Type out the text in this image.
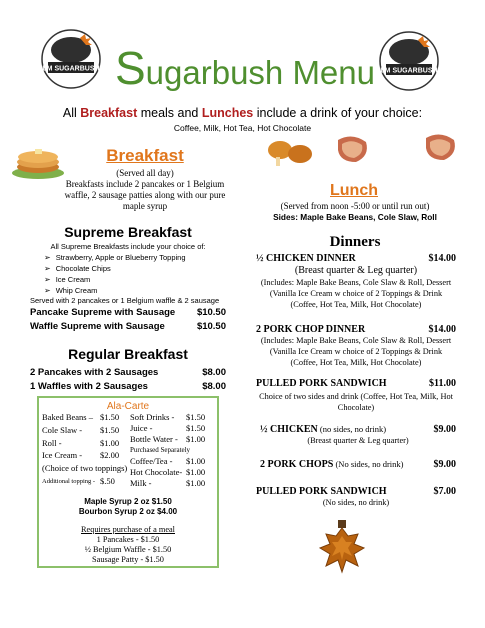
LM SUGARBUSH	LM SUGARBUSH
Sugarbush Menu
All Breakfast meals and Lunches include a drink of your choice:
Coffee, Milk, Hot Tea, Hot Chocolate
Breakfast
(Served all day)
Breakfasts include 2 pancakes or 1 Belgium waffle, 2 sausage patties along with our pure maple syrup
Supreme Breakfast
All Supreme Breakfasts include your choice of:
➢ Strawberry, Apple or Blueberry Topping
➢ Chocolate Chips
➢ Ice Cream
➢ Whip Cream
Served with 2 pancakes or 1 Belgium waffle & 2 sausage
Pancake Supreme with Sausage $10.50
Waffle Supreme with Sausage	$10.50
Regular Breakfast
2 Pancakes with 2 Sausages	$8.00
1 Waffles with 2 Sausages	$8.00
Ala-Carte
Baked Beans – $1.50
Cole Slaw -	$1.50
Roll -	$1.00
Ice Cream -	$2.00
(Choice of two toppings)
Additional topping - $.50
Soft Drinks -	$1.50
Juice -	$1.50
Bottle Water - $1.00
Purchased Separately
Coffee/Tea -	$1.00
Hot Chocolate- $1.00
Milk -	$1.00
Maple Syrup 2 oz $1.50
Bourbon Syrup 2 oz $4.00
Requires purchase of a meal
1 Pancakes - $1.50
½ Belgium Waffle - $1.50
Sausage Patty - $1.50
Lunch
(Served from noon -5:00 or until run out)
Sides: Maple Bake Beans, Cole Slaw, Roll
Dinners
½ CHICKEN DINNER	$14.00
(Breast quarter & Leg quarter)
(Includes: Maple Bake Beans, Cole Slaw & Roll, Dessert (Vanilla Ice Cream w choice of 2 Toppings & Drink (Coffee, Hot Tea, Milk, Hot Chocolate)
2 PORK CHOP DINNER	$14.00
(Includes: Maple Bake Beans, Cole Slaw & Roll, Dessert (Vanilla Ice Cream w choice of 2 Toppings & Drink (Coffee, Hot Tea, Milk, Hot Chocolate)
PULLED PORK SANDWICH	$11.00
Choice of two sides and drink (Coffee, Hot Tea, Milk, Hot Chocolate)
½ CHICKEN (no sides, no drink)	$9.00
(Breast quarter & Leg quarter)
2 PORK CHOPS (No sides, no drink)	$9.00
PULLED PORK SANDWICH	$7.00
(No sides, no drink)
